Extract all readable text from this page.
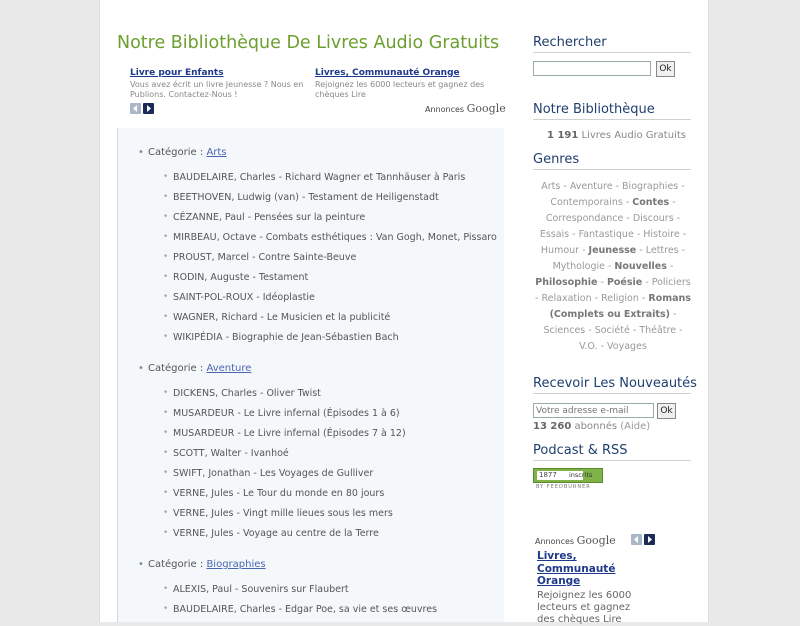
Notre Bibliothèque De Livres Audio Gratuits
Livre pour Enfants
Vous avez écrit un livre Jeunesse ? Nous en Publions. Contactez-Nous !
Livres, Communauté Orange
Rejoignez les 6000 lecteurs et gagnez des chèques Lire
Annonces Google
• Catégorie : Arts
• BAUDELAIRE, Charles - Richard Wagner et Tannhäuser à Paris
• BEETHOVEN, Ludwig (van) - Testament de Heiligenstadt
• CÉZANNE, Paul - Pensées sur la peinture
• MIRBEAU, Octave - Combats esthétiques : Van Gogh, Monet, Pissaro
• PROUST, Marcel - Contre Sainte-Beuve
• RODIN, Auguste - Testament
• SAINT-POL-ROUX - Idéoplastie
• WAGNER, Richard - Le Musicien et la publicité
• WIKIPÉDIA - Biographie de Jean-Sébastien Bach
• Catégorie : Aventure
• DICKENS, Charles - Oliver Twist
• MUSARDEUR - Le Livre infernal (Épisodes 1 à 6)
• MUSARDEUR - Le Livre infernal (Épisodes 7 à 12)
• SCOTT, Walter - Ivanhoé
• SWIFT, Jonathan - Les Voyages de Gulliver
• VERNE, Jules - Le Tour du monde en 80 jours
• VERNE, Jules - Vingt mille lieues sous les mers
• VERNE, Jules - Voyage au centre de la Terre
• Catégorie : Biographies
• ALEXIS, Paul - Souvenirs sur Flaubert
• BAUDELAIRE, Charles - Edgar Poe, sa vie et ses œuvres
Rechercher
Ok
Notre Bibliothèque
1 191 Livres Audio Gratuits
Genres
Arts - Aventure - Biographies - Contemporains - Contes - Correspondance - Discours - Essais - Fantastique - Histoire - Humour - Jeunesse - Lettres - Mythologie - Nouvelles - Philosophie - Poésie - Policiers - Relaxation - Religion - Romans (Complets ou Extraits) - Sciences - Société - Théâtre - V.O. - Voyages
Recevoir Les Nouveautés
Votre adresse e-mail
Ok
13 260 abonnés (Aide)
Podcast & RSS
1877	inscrits
BY FEEDBURNER
Annonces Google
Livres, Communauté Orange
Rejoignez les 6000 lecteurs et gagnez des chèques Lire
